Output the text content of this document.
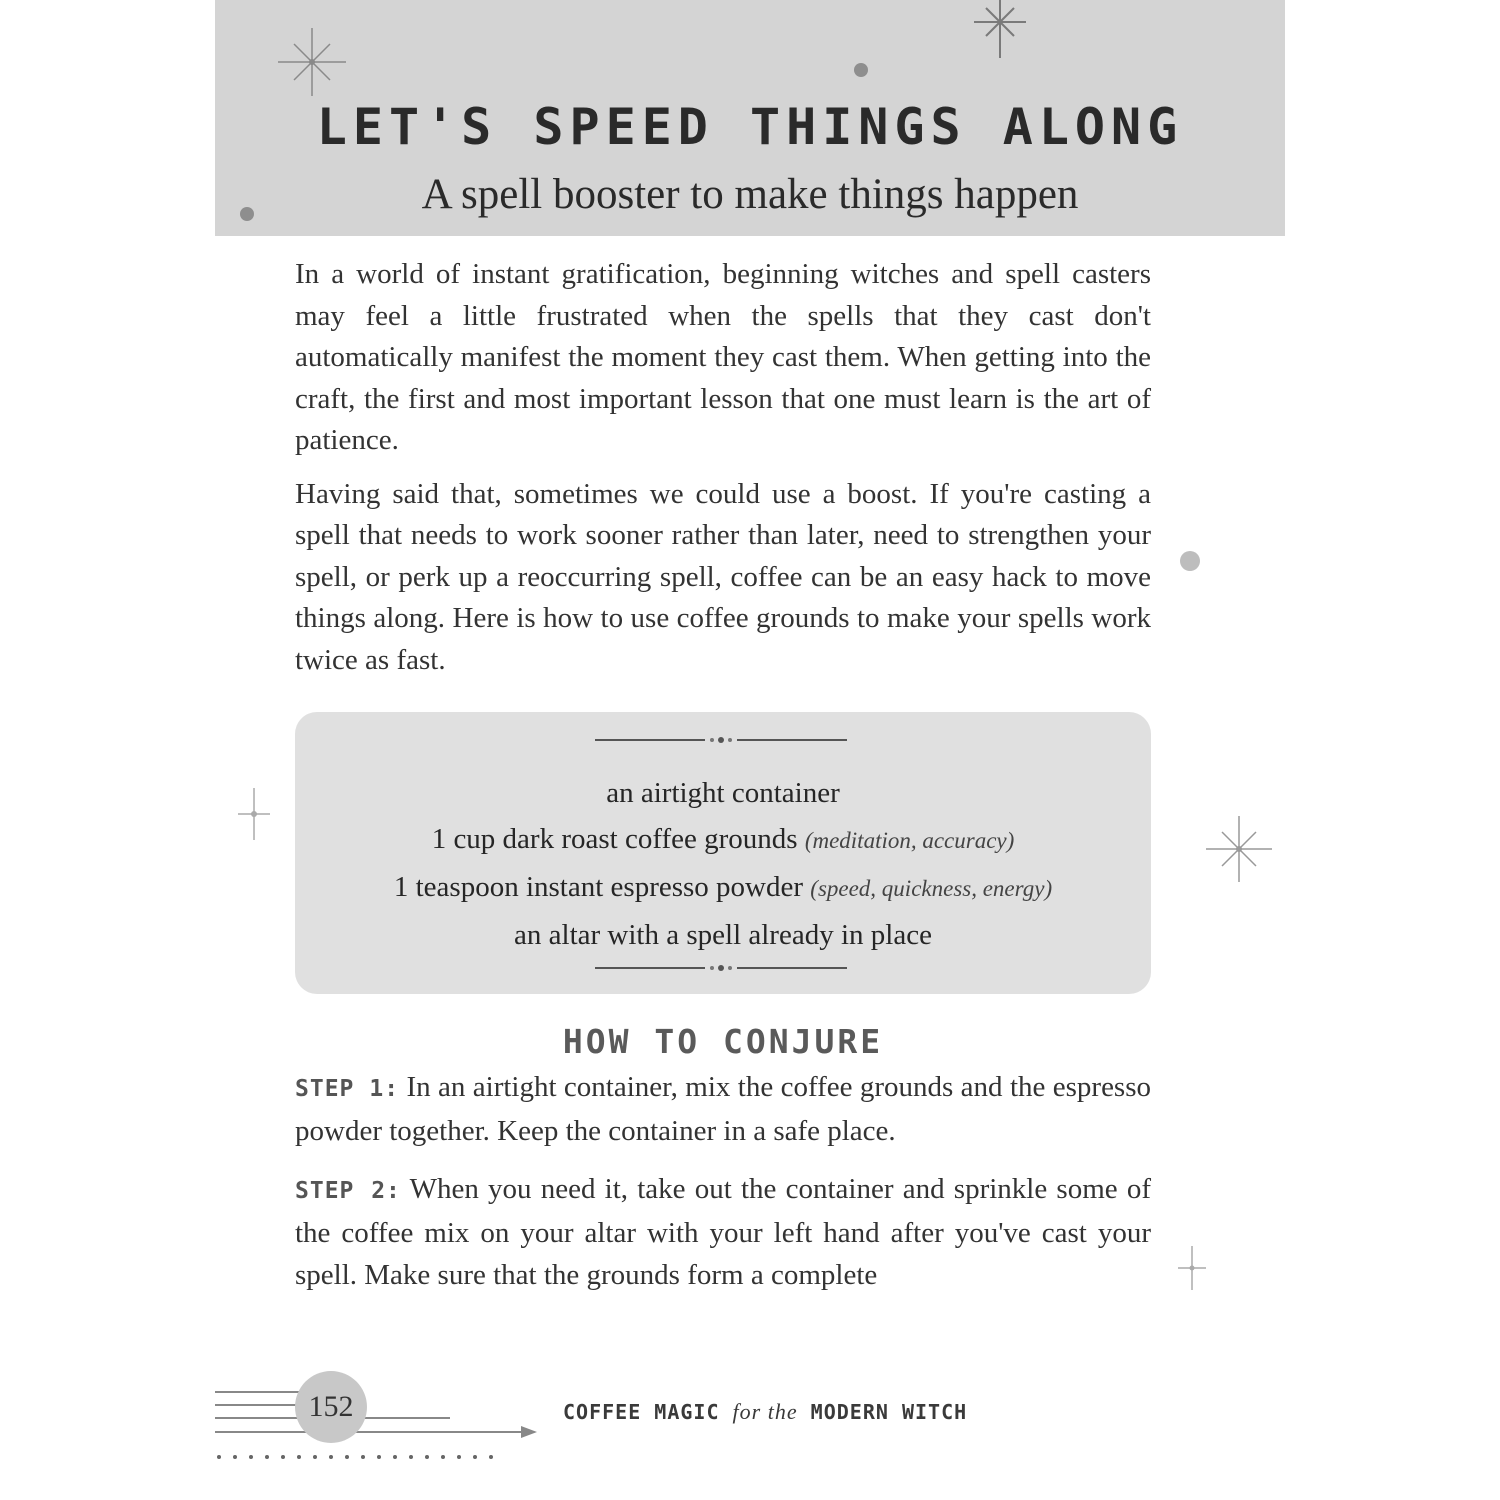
LET'S SPEED THINGS ALONG
A spell booster to make things happen

In a world of instant gratification, beginning witches and spell casters may feel a little frustrated when the spells that they cast don't automatically manifest the moment they cast them. When getting into the craft, the first and most important lesson that one must learn is the art of patience.

Having said that, sometimes we could use a boost. If you're casting a spell that needs to work sooner rather than later, need to strengthen your spell, or perk up a reoccurring spell, coffee can be an easy hack to move things along. Here is how to use coffee grounds to make your spells work twice as fast.

an airtight container
1 cup dark roast coffee grounds (meditation, accuracy)
1 teaspoon instant espresso powder (speed, quickness, energy)
an altar with a spell already in place
HOW TO CONJURE

STEP 1: In an airtight container, mix the coffee grounds and the espresso powder together. Keep the container in a safe place.

STEP 2: When you need it, take out the container and sprinkle some of the coffee mix on your altar with your left hand after you've cast your spell. Make sure that the grounds form a complete

152	COFFEE MAGIC for the MODERN WITCH
